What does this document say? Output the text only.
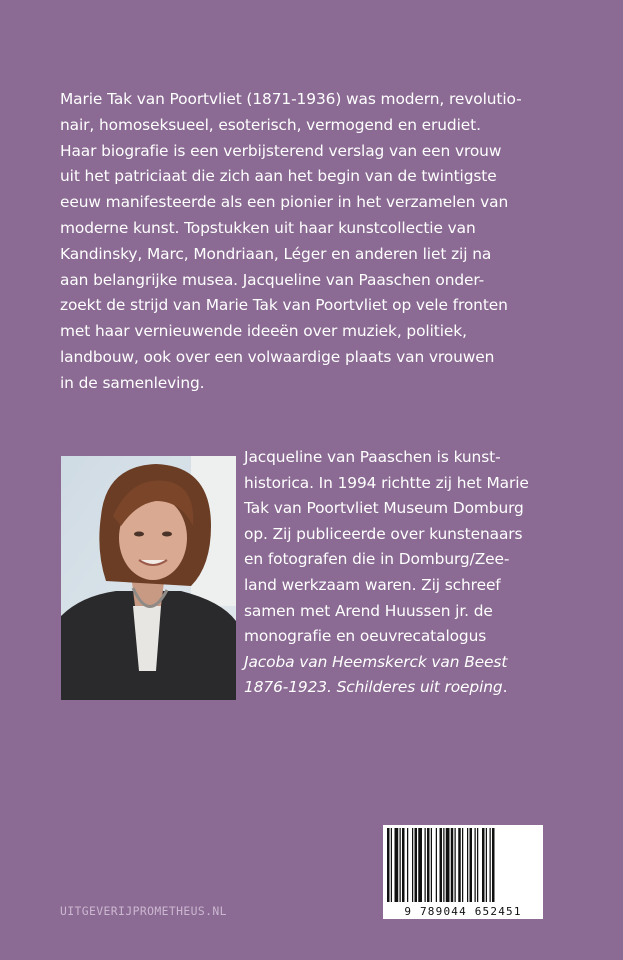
Marie Tak van Poortvliet (1871-1936) was modern, revolutio-
nair, homoseksueel, esoterisch, vermogend en erudiet.
Haar biografie is een verbijsterend verslag van een vrouw
uit het patriciaat die zich aan het begin van de twintigste
eeuw manifesteerde als een pionier in het verzamelen van
moderne kunst. Topstukken uit haar kunstcollectie van
Kandinsky, Marc, Mondriaan, Léger en anderen liet zij na
aan belangrijke musea. Jacqueline van Paaschen onder-
zoekt de strijd van Marie Tak van Poortvliet op vele fronten
met haar vernieuwende ideeën over muziek, politiek,
landbouw, ook over een volwaardige plaats van vrouwen
in de samenleving.
Jacqueline van Paaschen is kunst-
historica. In 1994 richtte zij het Marie
Tak van Poortvliet Museum Domburg
op. Zij publiceerde over kunstenaars
en fotografen die in Domburg/Zee-
land werkzaam waren. Zij schreef
samen met Arend Huussen jr. de
monografie en oeuvrecatalogus
Jacoba van Heemskerck van Beest
1876-1923. Schilderes uit roeping.
UITGEVERIJPROMETHEUS.NL	9 789044 652451
